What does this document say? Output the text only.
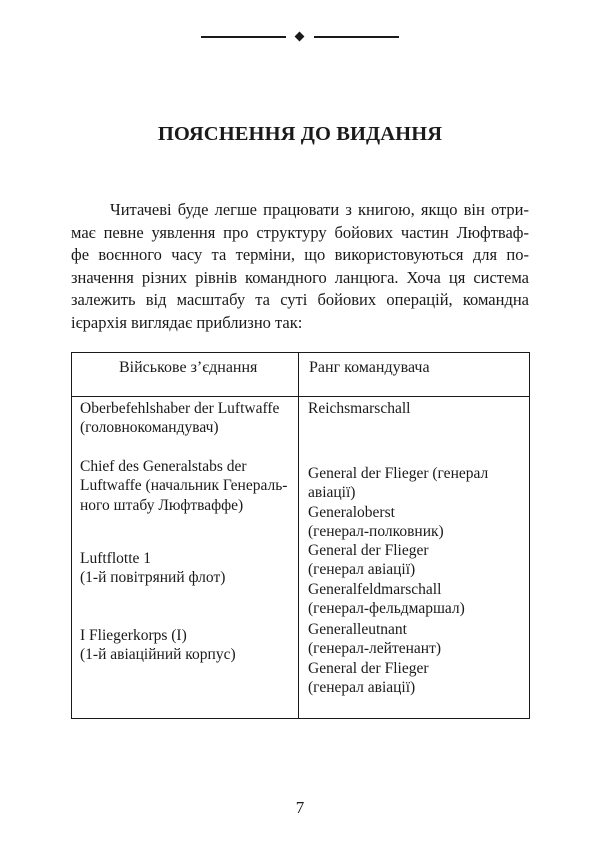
ПОЯСНЕННЯ ДО ВИДАННЯ
Читачеві буде легше працювати з книгою, якщо він отри-
має певне уявлення про структуру бойових частин Люфтваф-
фе воєнного часу та терміни, що використовуються для по-
значення різних рівнів командного ланцюга. Хоча ця система
залежить від масштабу та суті бойових операцій, командна
ієрархія виглядає приблизно так:
Військове з’єднання	Ранг командувача
Oberbefehlshaber der Luftwaffe
(головнокомандувач)
Chief des Generalstabs der
Luftwaffe (начальник Генераль-
ного штабу Люфтваффе)
Luftflotte 1
(1-й повітряний флот)
I Fliegerkorps (I)
(1-й авіаційний корпус)
Reichsmarschall
General der Flieger (генерал
авіації)
Generaloberst
(генерал-полковник)
General der Flieger
(генерал авіації)
Generalfeldmarschall
(генерал-фельдмаршал)
Generalleutnant
(генерал-лейтенант)
General der Flieger
(генерал авіації)
7
